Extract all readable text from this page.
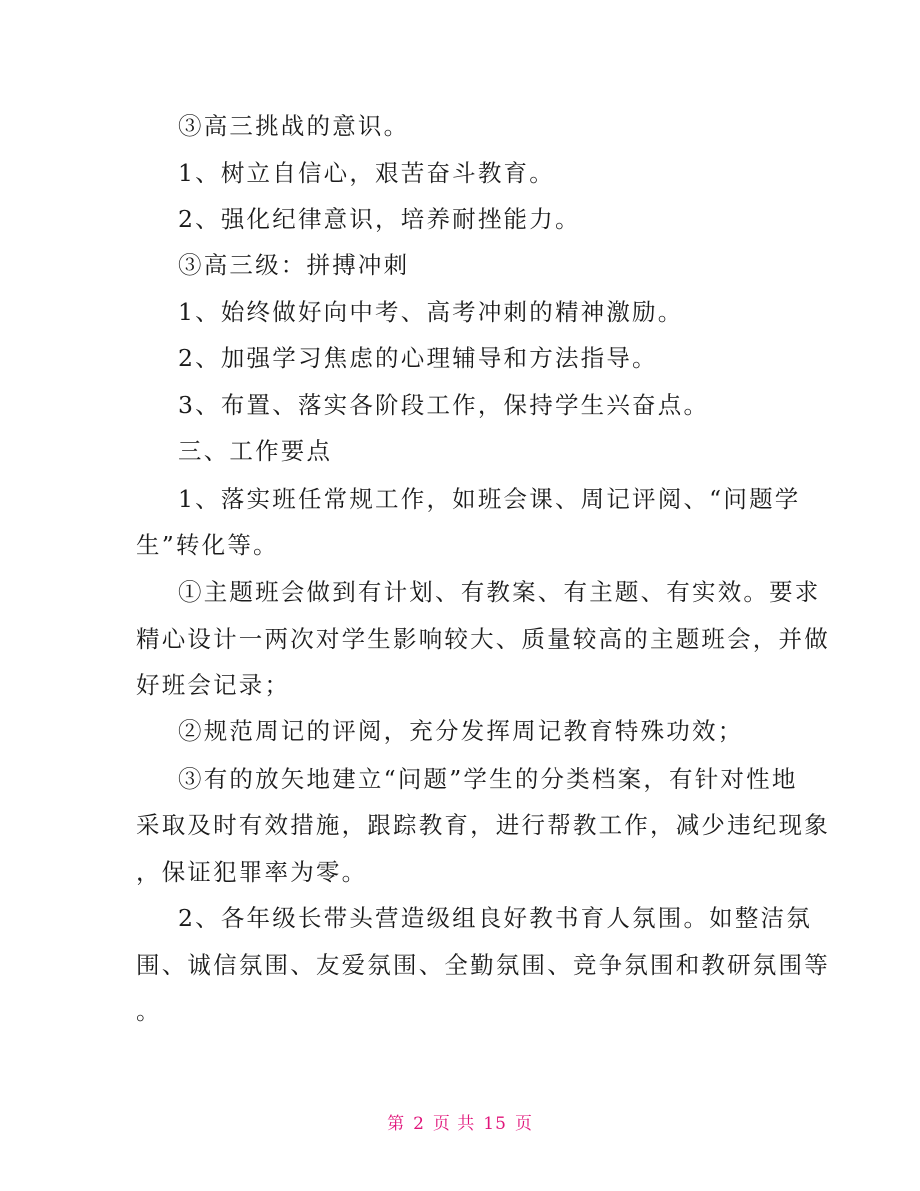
③高三挑战的意识。
1、树立自信心，艰苦奋斗教育。
2、强化纪律意识，培养耐挫能力。
③高三级：拼搏冲刺
1、始终做好向中考、高考冲刺的精神激励。
2、加强学习焦虑的心理辅导和方法指导。
3、布置、落实各阶段工作，保持学生兴奋点。
三、工作要点
1、落实班任常规工作，如班会课、周记评阅、“问题学
生”转化等。
①主题班会做到有计划、有教案、有主题、有实效。要求
精心设计一两次对学生影响较大、质量较高的主题班会，并做
好班会记录；
②规范周记的评阅，充分发挥周记教育特殊功效；
③有的放矢地建立“问题”学生的分类档案，有针对性地
采取及时有效措施，跟踪教育，进行帮教工作，减少违纪现象
，保证犯罪率为零。
2、各年级长带头营造级组良好教书育人氛围。如整洁氛
围、诚信氛围、友爱氛围、全勤氛围、竞争氛围和教研氛围等
。
第 2 页 共 15 页
